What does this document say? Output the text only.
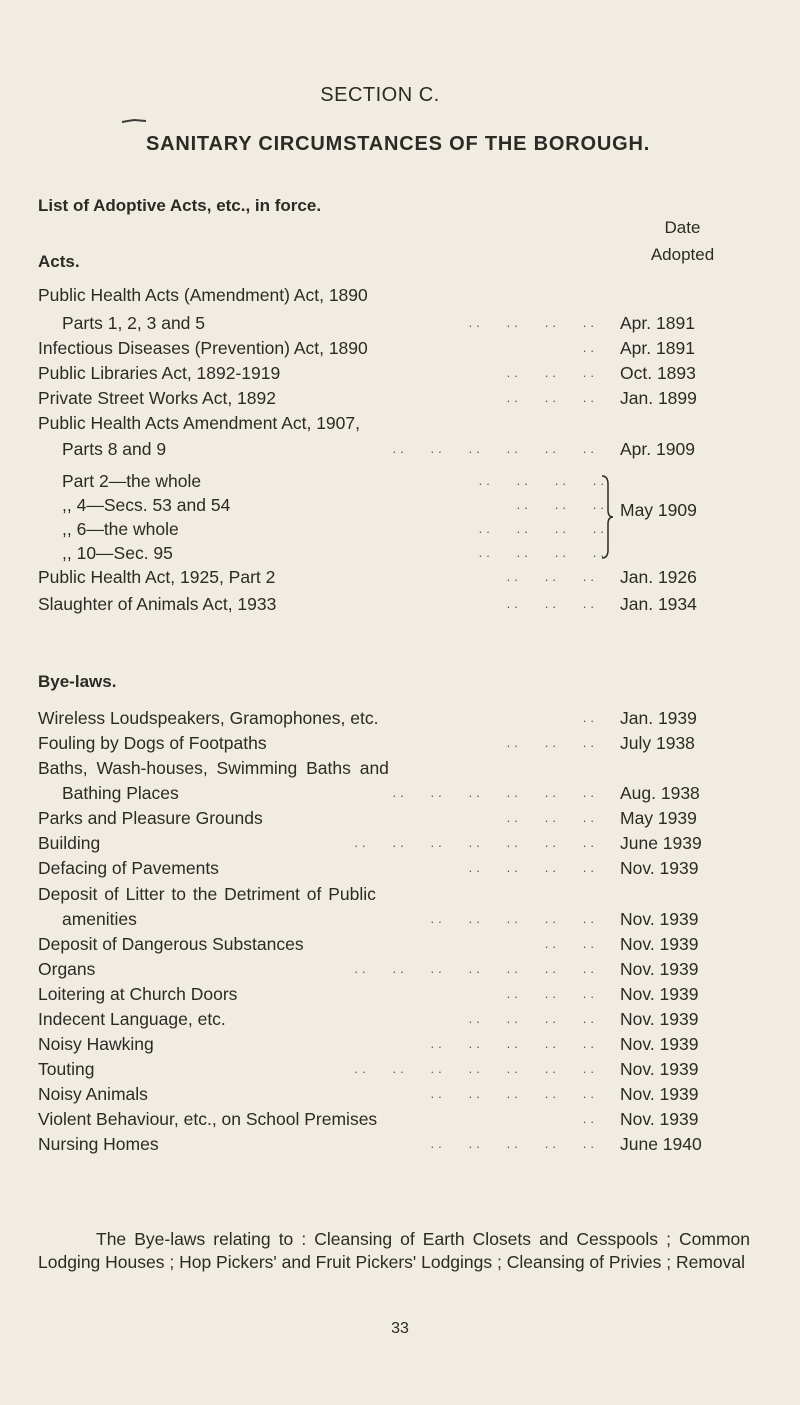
SECTION C.
SANITARY CIRCUMSTANCES OF THE BOROUGH.
List of Adoptive Acts, etc., in force.
Date
Adopted
Acts.
Public Health Acts (Amendment) Act, 1890
Parts 1, 2, 3 and 5	..   ..   ..   .. Apr. 1891
Infectious Diseases (Prevention) Act, 1890	.. Apr. 1891
Public Libraries Act, 1892-1919	..   ..   .. Oct. 1893
Private Street Works Act, 1892	..   ..   .. Jan. 1899
Public Health Acts Amendment Act, 1907,
Parts 8 and 9	..   ..   ..   ..   ..   .. Apr. 1909
Part 2—the whole	..   ..   ..   ..
,, 4—Secs. 53 and 54	..   ..   ..
,, 6—the whole	..   ..   ..   ..
,, 10—Sec. 95	..   ..   ..   ..
May 1909
Public Health Act, 1925, Part 2	..   ..   .. Jan. 1926
Slaughter of Animals Act, 1933	..   ..   .. Jan. 1934
Bye-laws.
Wireless Loudspeakers, Gramophones, etc.	.. Jan. 1939
Fouling by Dogs of Footpaths	..   ..   .. July 1938
Baths, Wash-houses, Swimming Baths and
Bathing Places	..   ..   ..   ..   ..   .. Aug. 1938
Parks and Pleasure Grounds	..   ..   .. May 1939
Building	..   ..   ..   ..   ..   ..   .. June 1939
Defacing of Pavements	..   ..   ..   .. Nov. 1939
Deposit of Litter to the Detriment of Public
amenities	..   ..   ..   ..   .. Nov. 1939
Deposit of Dangerous Substances	..   .. Nov. 1939
Organs	..   ..   ..   ..   ..   ..   .. Nov. 1939
Loitering at Church Doors	..   ..   .. Nov. 1939
Indecent Language, etc.	..   ..   ..   .. Nov. 1939
Noisy Hawking	..   ..   ..   ..   .. Nov. 1939
Touting	..   ..   ..   ..   ..   ..   .. Nov. 1939
Noisy Animals	..   ..   ..   ..   .. Nov. 1939
Violent Behaviour, etc., on School Premises	.. Nov. 1939
Nursing Homes	..   ..   ..   ..   .. June 1940
The Bye-laws relating to : Cleansing of Earth Closets and Cesspools ; Common Lodging Houses ; Hop Pickers' and Fruit Pickers' Lodgings ; Cleansing of Privies ; Removal
33
